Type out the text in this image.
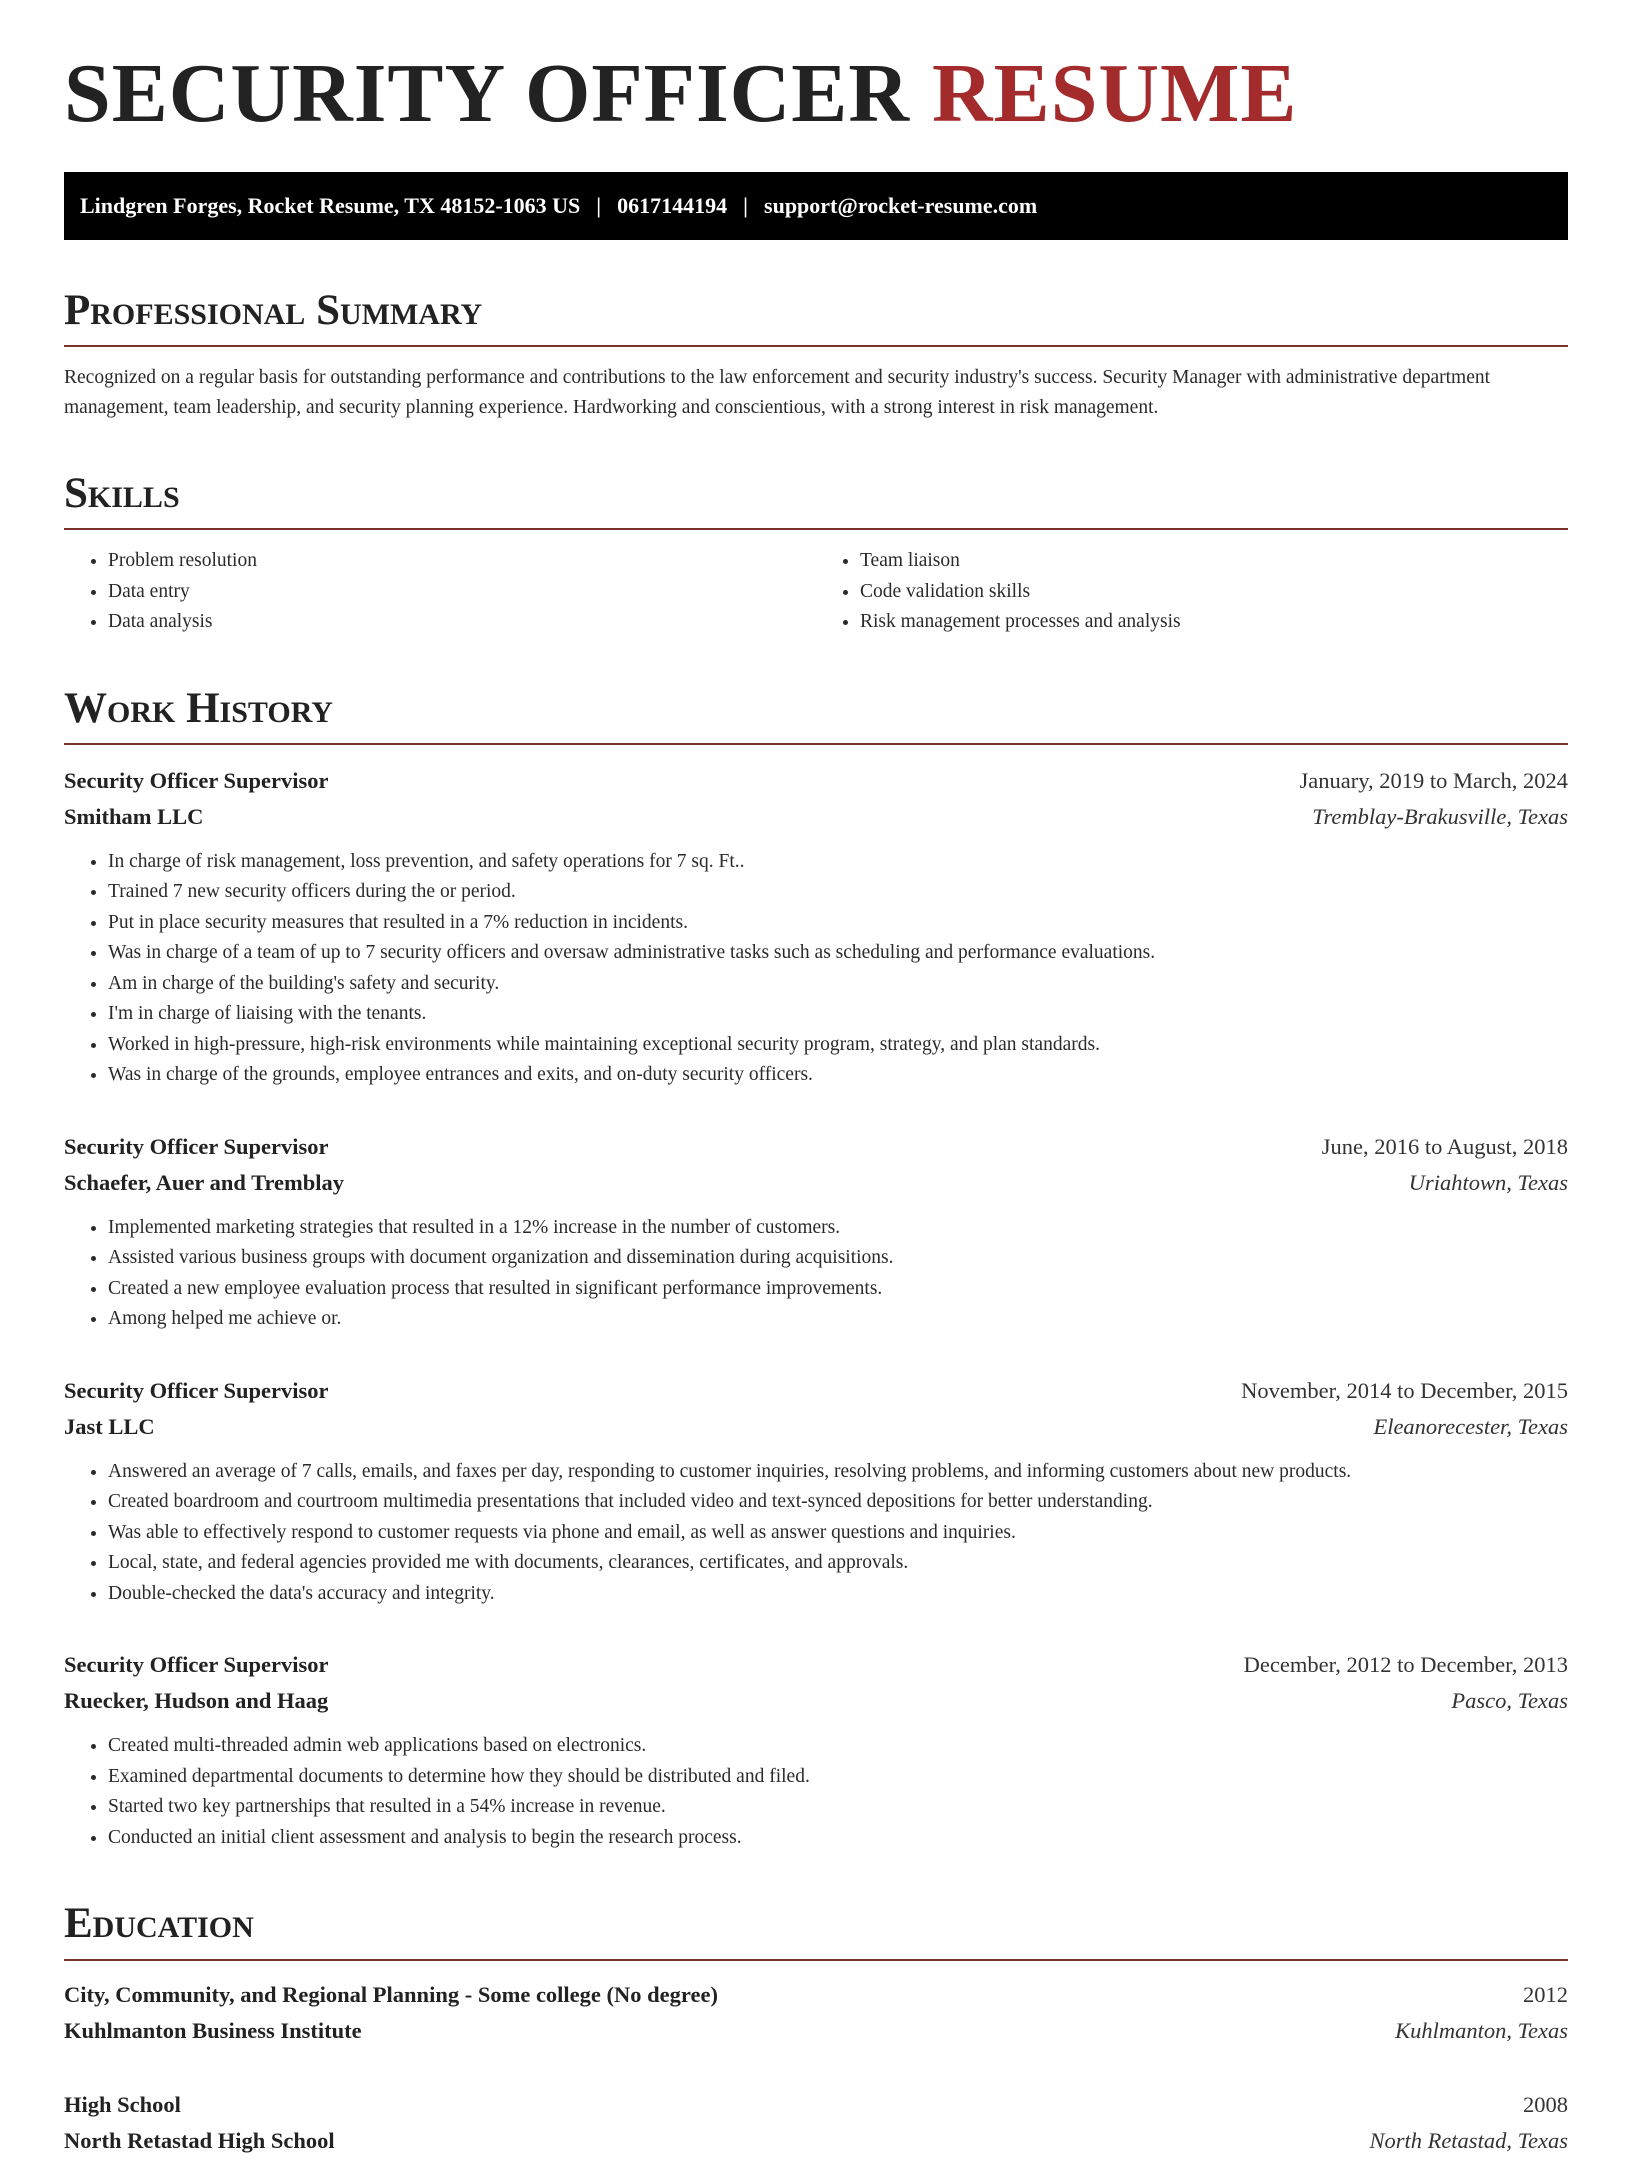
SECURITY OFFICER RESUME
Lindgren Forges, Rocket Resume, TX 48152-1063 US | 0617144194 | support@rocket-resume.com
Professional Summary

Recognized on a regular basis for outstanding performance and contributions to the law enforcement and security industry's success. Security Manager with administrative department management, team leadership, and security planning experience. Hardworking and conscientious, with a strong interest in risk management.

Skills
• Problem resolution
• Data entry
• Data analysis
• Team liaison
• Code validation skills
• Risk management processes and analysis
Work History
Security Officer Supervisor	January, 2019 to March, 2024
Smitham LLC	Tremblay-Brakusville, Texas
• In charge of risk management, loss prevention, and safety operations for 7 sq. Ft..
• Trained 7 new security officers during the or period.
• Put in place security measures that resulted in a 7% reduction in incidents.
• Was in charge of a team of up to 7 security officers and oversaw administrative tasks such as scheduling and performance evaluations.
• Am in charge of the building's safety and security.
• I'm in charge of liaising with the tenants.
• Worked in high-pressure, high-risk environments while maintaining exceptional security program, strategy, and plan standards.
• Was in charge of the grounds, employee entrances and exits, and on-duty security officers.
Security Officer Supervisor	June, 2016 to August, 2018
Schaefer, Auer and Tremblay	Uriahtown, Texas
• Implemented marketing strategies that resulted in a 12% increase in the number of customers.
• Assisted various business groups with document organization and dissemination during acquisitions.
• Created a new employee evaluation process that resulted in significant performance improvements.
• Among helped me achieve or.
Security Officer Supervisor	November, 2014 to December, 2015
Jast LLC	Eleanorecester, Texas
• Answered an average of 7 calls, emails, and faxes per day, responding to customer inquiries, resolving problems, and informing customers about new products.
• Created boardroom and courtroom multimedia presentations that included video and text-synced depositions for better understanding.
• Was able to effectively respond to customer requests via phone and email, as well as answer questions and inquiries.
• Local, state, and federal agencies provided me with documents, clearances, certificates, and approvals.
• Double-checked the data's accuracy and integrity.
Security Officer Supervisor	December, 2012 to December, 2013
Ruecker, Hudson and Haag	Pasco, Texas
• Created multi-threaded admin web applications based on electronics.
• Examined departmental documents to determine how they should be distributed and filed.
• Started two key partnerships that resulted in a 54% increase in revenue.
• Conducted an initial client assessment and analysis to begin the research process.
Education
City, Community, and Regional Planning - Some college (No degree)	2012
Kuhlmanton Business Institute	Kuhlmanton, Texas
High School	2008
North Retastad High School	North Retastad, Texas
